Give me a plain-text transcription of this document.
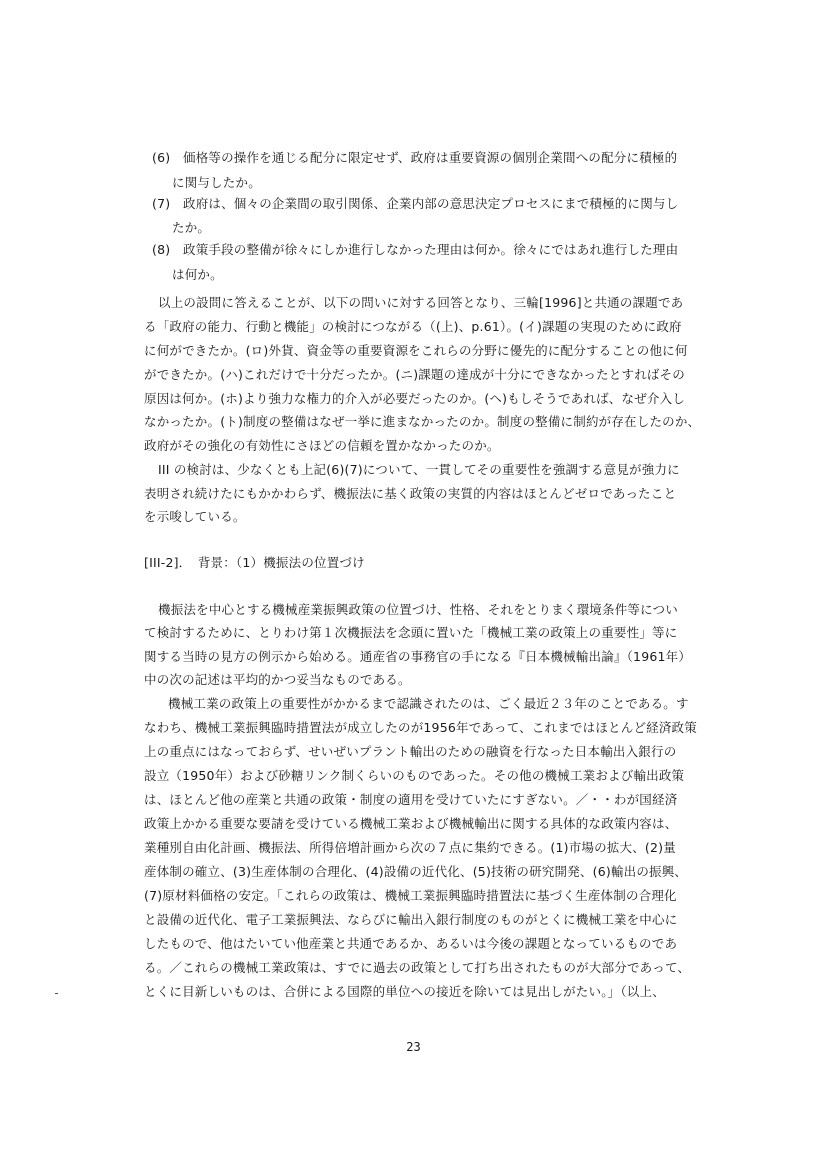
(6)　価格等の操作を通じる配分に限定せず、政府は重要資源の個別企業間への配分に積極的
に関与したか。
(7)　政府は、個々の企業間の取引関係、企業内部の意思決定プロセスにまで積極的に関与し
たか。
(8)　政策手段の整備が徐々にしか進行しなかった理由は何か。徐々にではあれ進行した理由
は何か。
以上の設問に答えることが、以下の問いに対する回答となり、三輪[1996]と共通の課題であ
る「政府の能力、行動と機能」の検討につながる（(上)、p.61）。(イ)課題の実現のために政府
に何ができたか。(ロ)外貨、資金等の重要資源をこれらの分野に優先的に配分することの他に何
ができたか。(ハ)これだけで十分だったか。(ニ)課題の達成が十分にできなかったとすればその
原因は何か。(ホ)より強力な権力的介入が必要だったのか。(ヘ)もしそうであれば、なぜ介入し
なかったか。(ト)制度の整備はなぜ一挙に進まなかったのか。制度の整備に制約が存在したのか、
政府がその強化の有効性にさほどの信頼を置かなかったのか。
III の検討は、少なくとも上記(6)(7)について、一貫してその重要性を強調する意見が強力に
表明され続けたにもかかわらず、機振法に基く政策の実質的内容はほとんどゼロであったこと
を示唆している。
[III-2]．　背景：（1）機振法の位置づけ
機振法を中心とする機械産業振興政策の位置づけ、性格、それをとりまく環境条件等につい
て検討するために、とりわけ第１次機振法を念頭に置いた「機械工業の政策上の重要性」等に
関する当時の見方の例示から始める。通産省の事務官の手になる『日本機械輸出論』（1961年）
中の次の記述は平均的かつ妥当なものである。
機械工業の政策上の重要性がかかるまで認識されたのは、ごく最近２３年のことである。す
なわち、機械工業振興臨時措置法が成立したのが1956年であって、これまではほとんど経済政策
上の重点にはなっておらず、せいぜいプラント輸出のための融資を行なった日本輸出入銀行の
設立（1950年）および砂糖リンク制くらいのものであった。その他の機械工業および輸出政策
は、ほとんど他の産業と共通の政策・制度の適用を受けていたにすぎない。／・・わが国経済
政策上かかる重要な要請を受けている機械工業および機械輸出に関する具体的な政策内容は、
業種別自由化計画、機振法、所得倍増計画から次の７点に集約できる。(1)市場の拡大、(2)量
産体制の確立、(3)生産体制の合理化、(4)設備の近代化、(5)技術の研究開発、(6)輸出の振興、
(7)原材料価格の安定。「これらの政策は、機械工業振興臨時措置法に基づく生産体制の合理化
と設備の近代化、電子工業振興法、ならびに輸出入銀行制度のものがとくに機械工業を中心に
したもので、他はたいてい他産業と共通であるか、あるいは今後の課題となっているものであ
る。／これらの機械工業政策は、すでに過去の政策として打ち出されたものが大部分であって、
とくに目新しいものは、合併による国際的単位への接近を除いては見出しがたい。」（以上、
23
